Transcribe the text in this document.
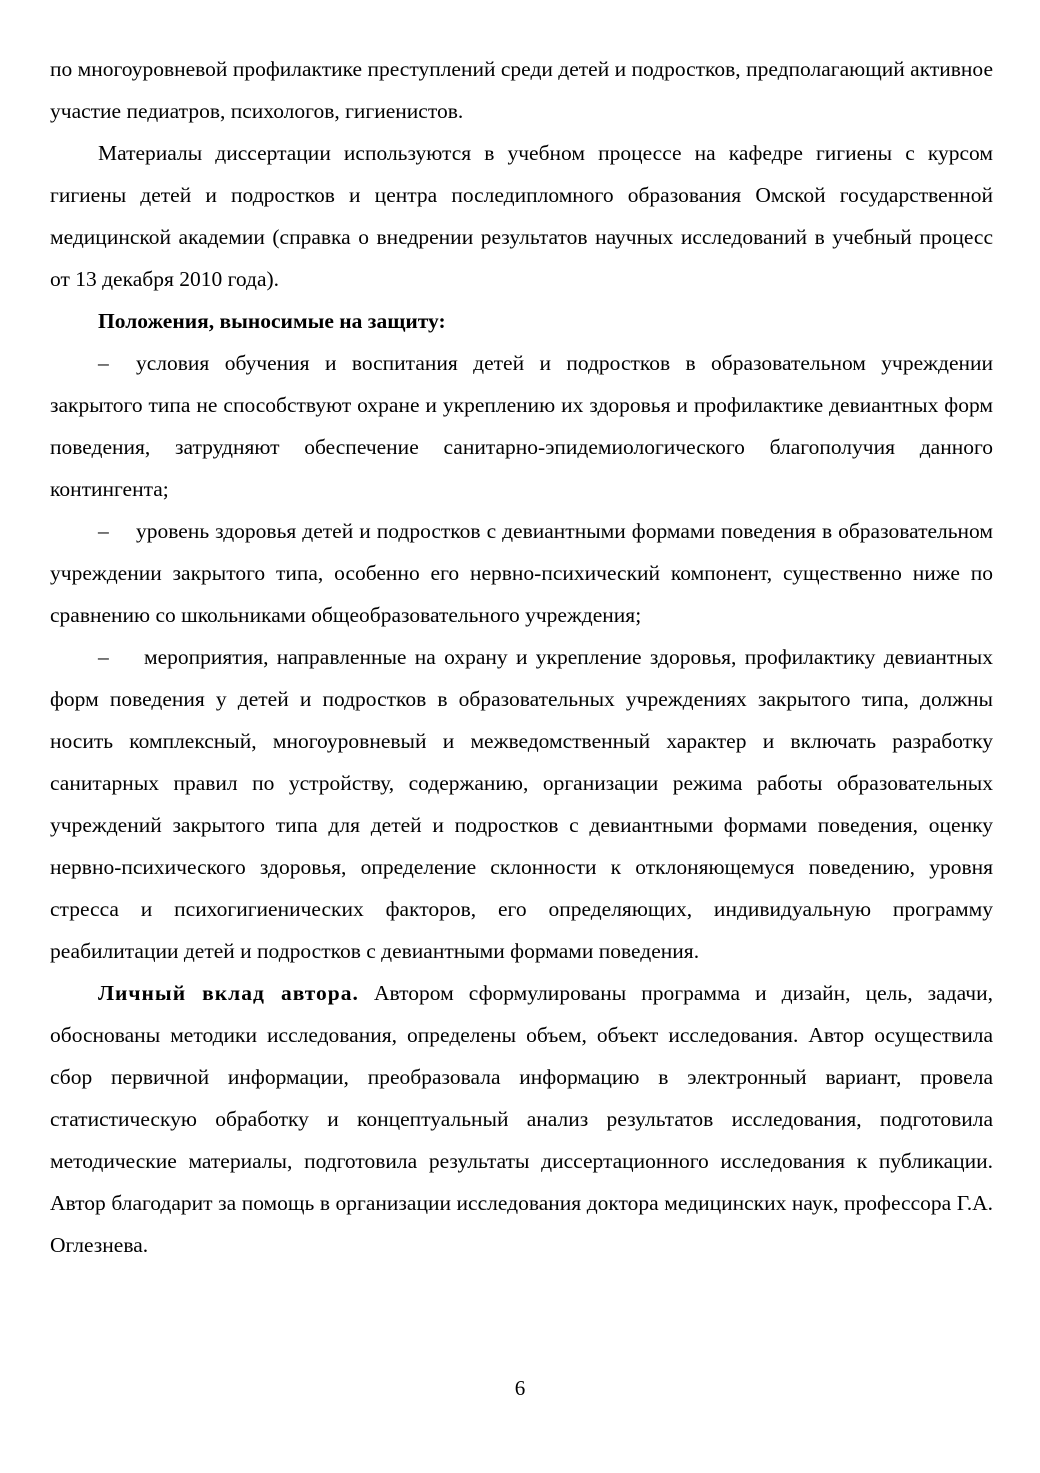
по многоуровневой профилактике преступлений среди детей и подростков, предполагающий активное участие педиатров, психологов, гигиенистов.

Материалы диссертации используются в учебном процессе на кафедре гигиены с курсом гигиены детей и подростков и центра последипломного образования Омской государственной медицинской академии (справка о внедрении результатов научных исследований в учебный процесс от 13 декабря 2010 года).

Положения, выносимые на защиту:

– условия обучения и воспитания детей и подростков в образовательном учреждении закрытого типа не способствуют охране и укреплению их здоровья и профилактике девиантных форм поведения, затрудняют обеспечение санитарно-эпидемиологического благополучия данного контингента;

– уровень здоровья детей и подростков с девиантными формами поведения в образовательном учреждении закрытого типа, особенно его нервно-психический компонент, существенно ниже по сравнению со школьниками общеобразовательного учреждения;

– мероприятия, направленные на охрану и укрепление здоровья, профилактику девиантных форм поведения у детей и подростков в образовательных учреждениях закрытого типа, должны носить комплексный, многоуровневый и межведомственный характер и включать разработку санитарных правил по устройству, содержанию, организации режима работы образовательных учреждений закрытого типа для детей и подростков с девиантными формами поведения, оценку нервно-психического здоровья, определение склонности к отклоняющемуся поведению, уровня стресса и психогигиенических факторов, его определяющих, индивидуальную программу реабилитации детей и подростков с девиантными формами поведения.

Личный вклад автора. Автором сформулированы программа и дизайн, цель, задачи, обоснованы методики исследования, определены объем, объект исследования. Автор осуществила сбор первичной информации, преобразовала информацию в электронный вариант, провела статистическую обработку и концептуальный анализ результатов исследования, подготовила методические материалы, подготовила результаты диссертационного исследования к публикации. Автор благодарит за помощь в организации исследования доктора медицинских наук, профессора Г.А. Оглезнева.

6
